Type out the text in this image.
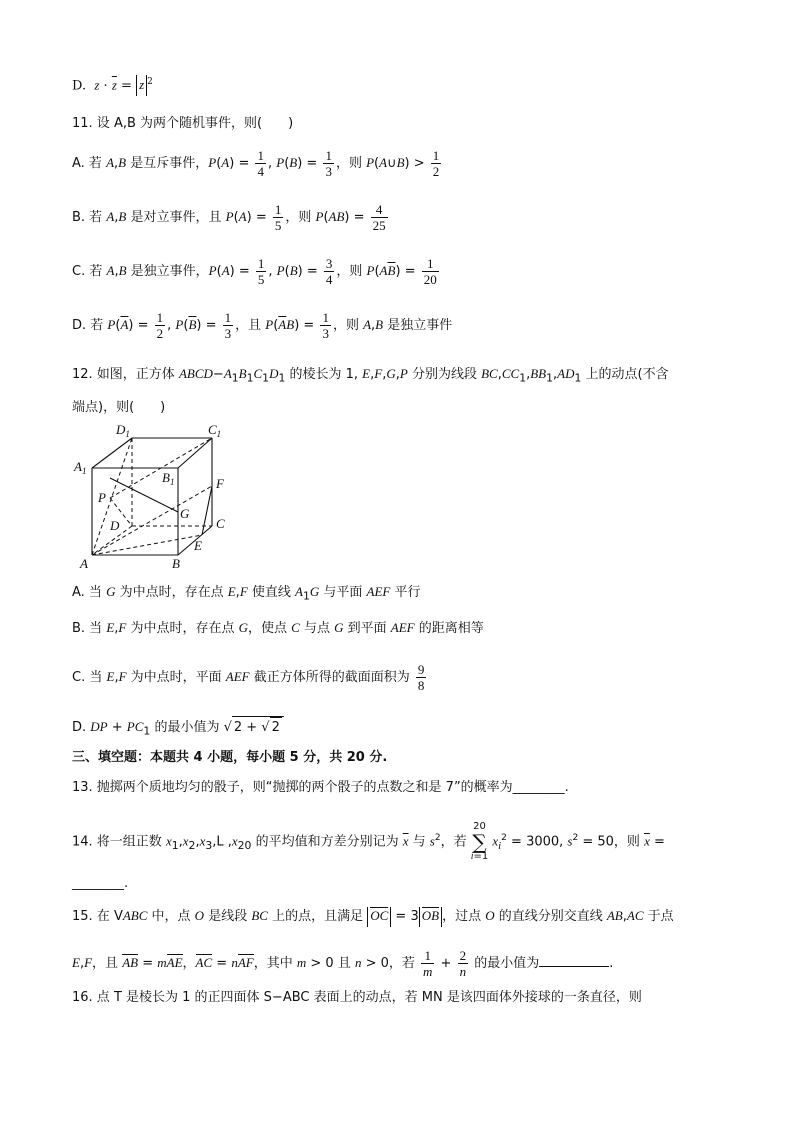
D.  $z \cdot \overline{z} = z$ $^2$
11. 设 A,B 为两个随机事件，则(　　)
A. 若 A,B 是互斥事件，$P(A) = \frac{1}{4}$ , $P(B) = \frac{1}{3}$ ，则 P(A∪B) > $\frac{1}{2}$
B. 若 A,B 是对立事件，且 $P(A) = \frac{1}{5}$ ，则 $P(AB) = \frac{4}{25}$
C. 若 A,B 是独立事件，$P(A) = \frac{1}{5}$ , $P(B) = \frac{3}{4}$ ，则 $P(A\overline{B}) = \frac{1}{20}$
D. 若 $P(\overline{A}) = \frac{1}{2}$ , $P(\overline{B}) = \frac{1}{3}$ ，且 $P(\overline{A}B) = \frac{1}{3}$ ，则 A,B 是独立事件
12. 如图，正方体 $ABCD-A_1B_1C_1D_1$ 的棱长为 1, E,F,G,P 分别为线段 $BC,CC_1,BB_1,AD_1$ 上的动点(不含
端点)，则(　　)
$D_1$	$C_1$
$A_1$	$B_1$
P
G
F
D	C
E
A	B
A. 当 G 为中点时，存在点 E,F 使直线 $A_1G$ 与平面 AEF 平行
B. 当 E,F 为中点时，存在点 G，使点 C 与点 G 到平面 AEF 的距离相等
C. 当 E,F 为中点时，平面 AEF 截正方体所得的截面面积为 $\frac{9}{8}$
D. DP + $PC_1$ 的最小值为 √ 2 + √ 2
三、填空题：本题共 4 小题，每小题 5 分，共 20 分.
13. 抛掷两个质地均匀的骰子，则“抛掷的两个骰子的点数之和是 7”的概率为________.
14. 将一组正数 $x_1,x_2,x_3,L$ $,x_{20}$ 的平均值和方差分别记为 $\overline{x}$ 与 $s^2$，若
20
∑
i=1
$x_i^2 = 3000$, $s^2 = 50$，则 $\overline{x}$ =
________.
15. 在 VABC 中，点 O 是线段 BC 上的点，且满足 OC = 3 OB ，过点 O 的直线分别交直线 AB,AC 于点
E,F，且 AB = mAE，AC = nAF，其中 m > 0 且 n > 0，若 $\frac{1}{m} + \frac{2}{n}$ 的最小值为	.
16. 点 T 是棱长为 1 的正四面体 S−ABC 表面上的动点，若 MN 是该四面体外接球的一条直径，则
